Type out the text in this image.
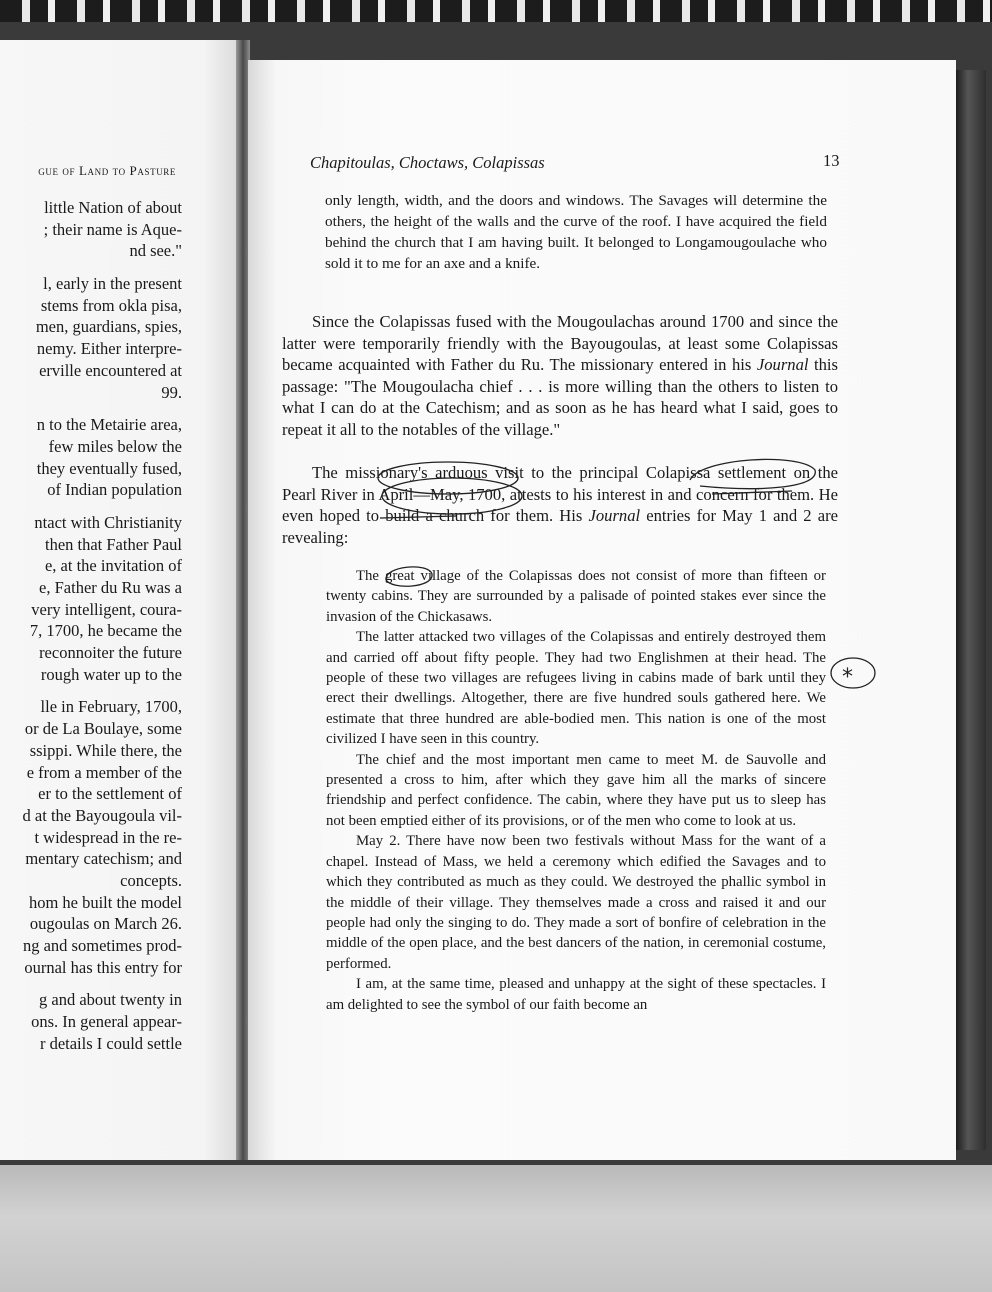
gue of Land to Pasture
little Nation of about
; their name is Aque-
nd see."
l, early in the present
stems from okla pisa,
men, guardians, spies,
nemy. Either interpre-
erville encountered at
99.
n to the Metairie area,
few miles below the
they eventually fused,
of Indian population
ntact with Christianity
then that Father Paul
e, at the invitation of
e, Father du Ru was a
very intelligent, coura-
7, 1700, he became the
reconnoiter the future
rough water up to the
lle in February, 1700,
or de La Boulaye, some
ssippi. While there, the
e from a member of the
er to the settlement of
d at the Bayougoula vil-
t widespread in the re-
mentary catechism; and
concepts.
hom he built the model
ougoulas on March 26.
ng and sometimes prod-
ournal has this entry for
g and about twenty in
ons. In general appear-
r details I could settle
Chapitoulas, Choctaws, Colapissas	13
only length, width, and the doors and windows. The Savages will determine the others, the height of the walls and the curve of the roof. I have acquired the field behind the church that I am having built. It belonged to Longamougoulache who sold it to me for an axe and a knife.

Since the Colapissas fused with the Mougoulachas around 1700 and since the latter were temporarily friendly with the Bayougoulas, at least some Colapissas became acquainted with Father du Ru. The missionary entered in his Journal this passage: "The Mougoulacha chief . . . is more willing than the others to listen to what I can do at the Catechism; and as soon as he has heard what I said, goes to repeat it all to the notables of the village."

The missionary's arduous visit to the principal Colapissa settlement on the Pearl River in April—May, 1700, attests to his interest in and concern for them. He even hoped to build a church for them. His Journal entries for May 1 and 2 are revealing:

The great village of the Colapissas does not consist of more than fifteen or twenty cabins. They are surrounded by a palisade of pointed stakes ever since the invasion of the Chickasaws.

The latter attacked two villages of the Colapissas and entirely destroyed them and carried off about fifty people. They had two Englishmen at their head. The people of these two villages are refugees living in cabins made of bark until they erect their dwellings. Altogether, there are five hundred souls gathered here. We estimate that three hundred are able-bodied men. This nation is one of the most civilized I have seen in this country.

The chief and the most important men came to meet M. de Sauvolle and presented a cross to him, after which they gave him all the marks of sincere friendship and perfect confidence. The cabin, where they have put us to sleep has not been emptied either of its provisions, or of the men who come to look at us.

May 2. There have now been two festivals without Mass for the want of a chapel. Instead of Mass, we held a ceremony which edified the Savages and to which they contributed as much as they could. We destroyed the phallic symbol in the middle of their village. They themselves made a cross and raised it and our people had only the singing to do. They made a sort of bonfire of celebration in the middle of the open place, and the best dancers of the nation, in ceremonial costume, performed.

I am, at the same time, pleased and unhappy at the sight of these spectacles. I am delighted to see the symbol of our faith become an

*
